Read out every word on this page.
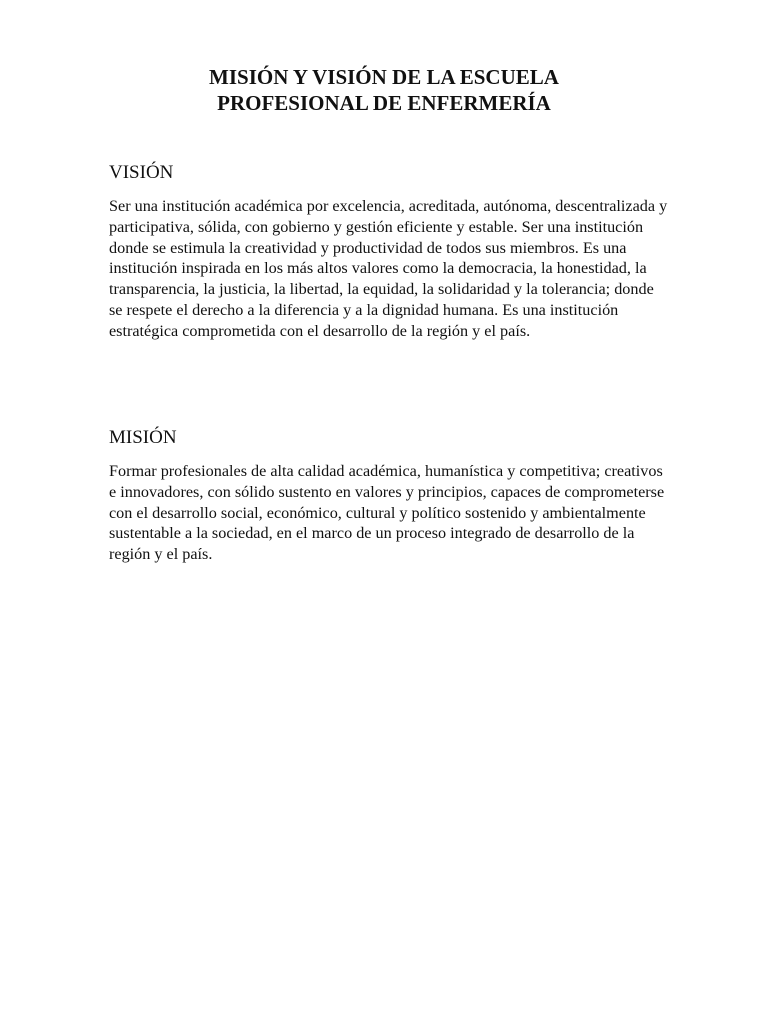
MISIÓN Y VISIÓN DE LA ESCUELA
PROFESIONAL DE ENFERMERÍA
VISIÓN

Ser una institución académica por excelencia, acreditada, autónoma, descentralizada y participativa, sólida, con gobierno y gestión eficiente y estable. Ser una institución donde se estimula la creatividad y productividad de todos sus miembros. Es una institución inspirada en los más altos valores como la democracia, la honestidad, la transparencia, la justicia, la libertad, la equidad, la solidaridad y la tolerancia; donde se respete el derecho a la diferencia y a la dignidad humana. Es una institución estratégica comprometida con el desarrollo de la región y el país.

MISIÓN

Formar profesionales de alta calidad académica, humanística y competitiva; creativos e innovadores, con sólido sustento en valores y principios, capaces de comprometerse con el desarrollo social, económico, cultural y político sostenido y ambientalmente sustentable a la sociedad, en el marco de un proceso integrado de desarrollo de la región y el país.
